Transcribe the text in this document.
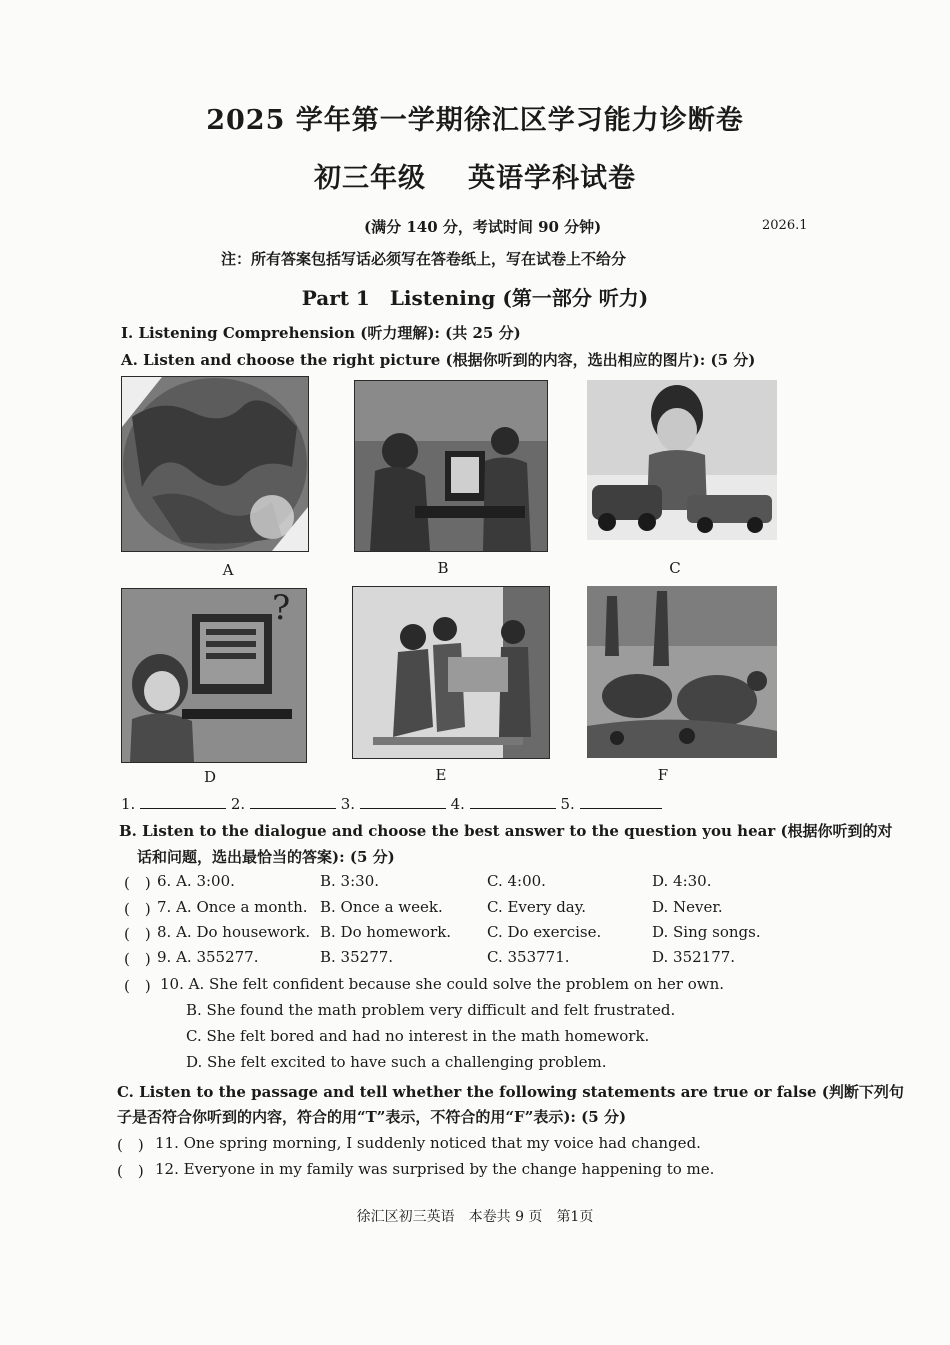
2025 学年第一学期徐汇区学习能力诊断卷
初三年级 英语学科试卷
(满分 140 分，考试时间 90 分钟)	2026.1
注：所有答案包括写话必须写在答卷纸上，写在试卷上不给分
Part 1　Listening (第一部分 听力)
I. Listening Comprehension (听力理解): (共 25 分)
A. Listen and choose the right picture (根据你听到的内容，选出相应的图片): (5 分)
A	B	C
?
D	E	F
1.	2.	3.	4.	5.
B. Listen to the dialogue and choose the best answer to the question you hear (根据你听到的对
话和问题，选出最恰当的答案): (5 分)
(　) 6. A. 3:00.	B. 3:30.	C. 4:00.	D. 4:30.
(　) 7. A. Once a month. B. Once a week.	C. Every day.	D. Never.
(　) 8. A. Do housework. B. Do homework. C. Do exercise.	D. Sing songs.
(　) 9. A. 355277.	B. 35277.	C. 353771.	D. 352177.
(　) 10. A. She felt confident because she could solve the problem on her own.
B. She found the math problem very difficult and felt frustrated.
C. She felt bored and had no interest in the math homework.
D. She felt excited to have such a challenging problem.
C. Listen to the passage and tell whether the following statements are true or false (判断下列句
子是否符合你听到的内容，符合的用“T”表示，不符合的用“F”表示): (5 分)
(　) 11. One spring morning, I suddenly noticed that my voice had changed.
(　) 12. Everyone in my family was surprised by the change happening to me.
徐汇区初三英语 本卷共 9 页 第1页
